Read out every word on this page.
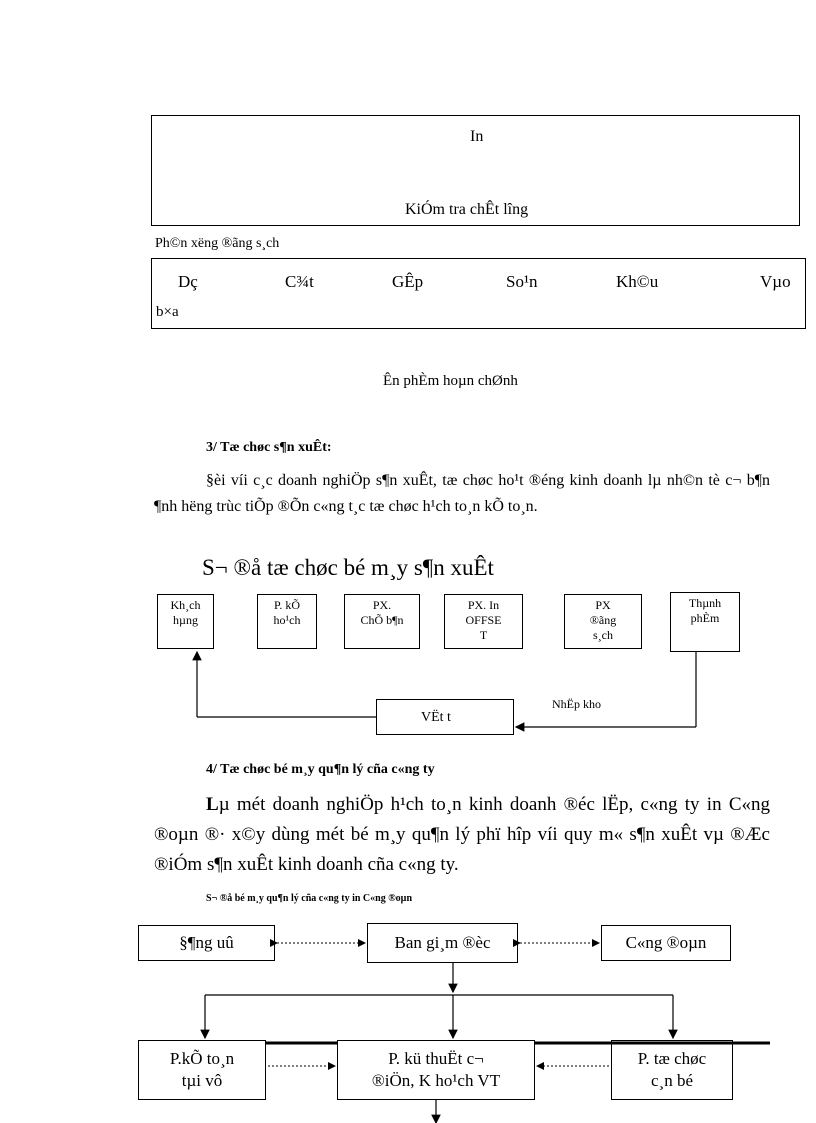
In
KiÓm tra chÊt lîng
Ph©n xëng ®ãng s¸ch
Dç	C¾t	GÊp	So¹n	Kh©u	Vµo
b×a
Ên phÈm hoµn chØnh
3/ Tæ chøc s¶n xuÊt:
§èi víi c¸c doanh nghiÖp s¶n xuÊt, tæ chøc ho¹t ®éng kinh doanh lµ nh©n tè c¬ b¶n ¶nh hëng trùc tiÕp ®Õn c«ng t¸c tæ chøc h¹ch to¸n kÕ to¸n.
S¬ ®å tæ chøc bé m¸y s¶n xuÊt
Kh¸ch
hµng
P. kÕ
ho¹ch
PX.
ChÕ b¶n
PX. In
OFFSE
T
PX
®ãng
s¸ch
Thµnh
phÈm
VËt t
NhËp kho
4/ Tæ chøc bé m¸y qu¶n lý cña c«ng ty
Lµ mét doanh nghiÖp h¹ch to¸n kinh doanh ®éc lËp, c«ng ty in C«ng ®oµn ®· x©y dùng mét bé m¸y qu¶n lý phï hîp víi quy m« s¶n xuÊt vµ ®Æc ®iÓm s¶n xuÊt kinh doanh cña c«ng ty.
S¬ ®å bé m¸y qu¶n lý cña c«ng ty in C«ng ®oµn
§¶ng uû	Ban gi¸m ®èc	C«ng ®oµn
P.kÕ to¸n
tµi vô
P. kü thuËt c¬
®iÖn, K ho¹ch VT
P. tæ chøc
c¸n bé
